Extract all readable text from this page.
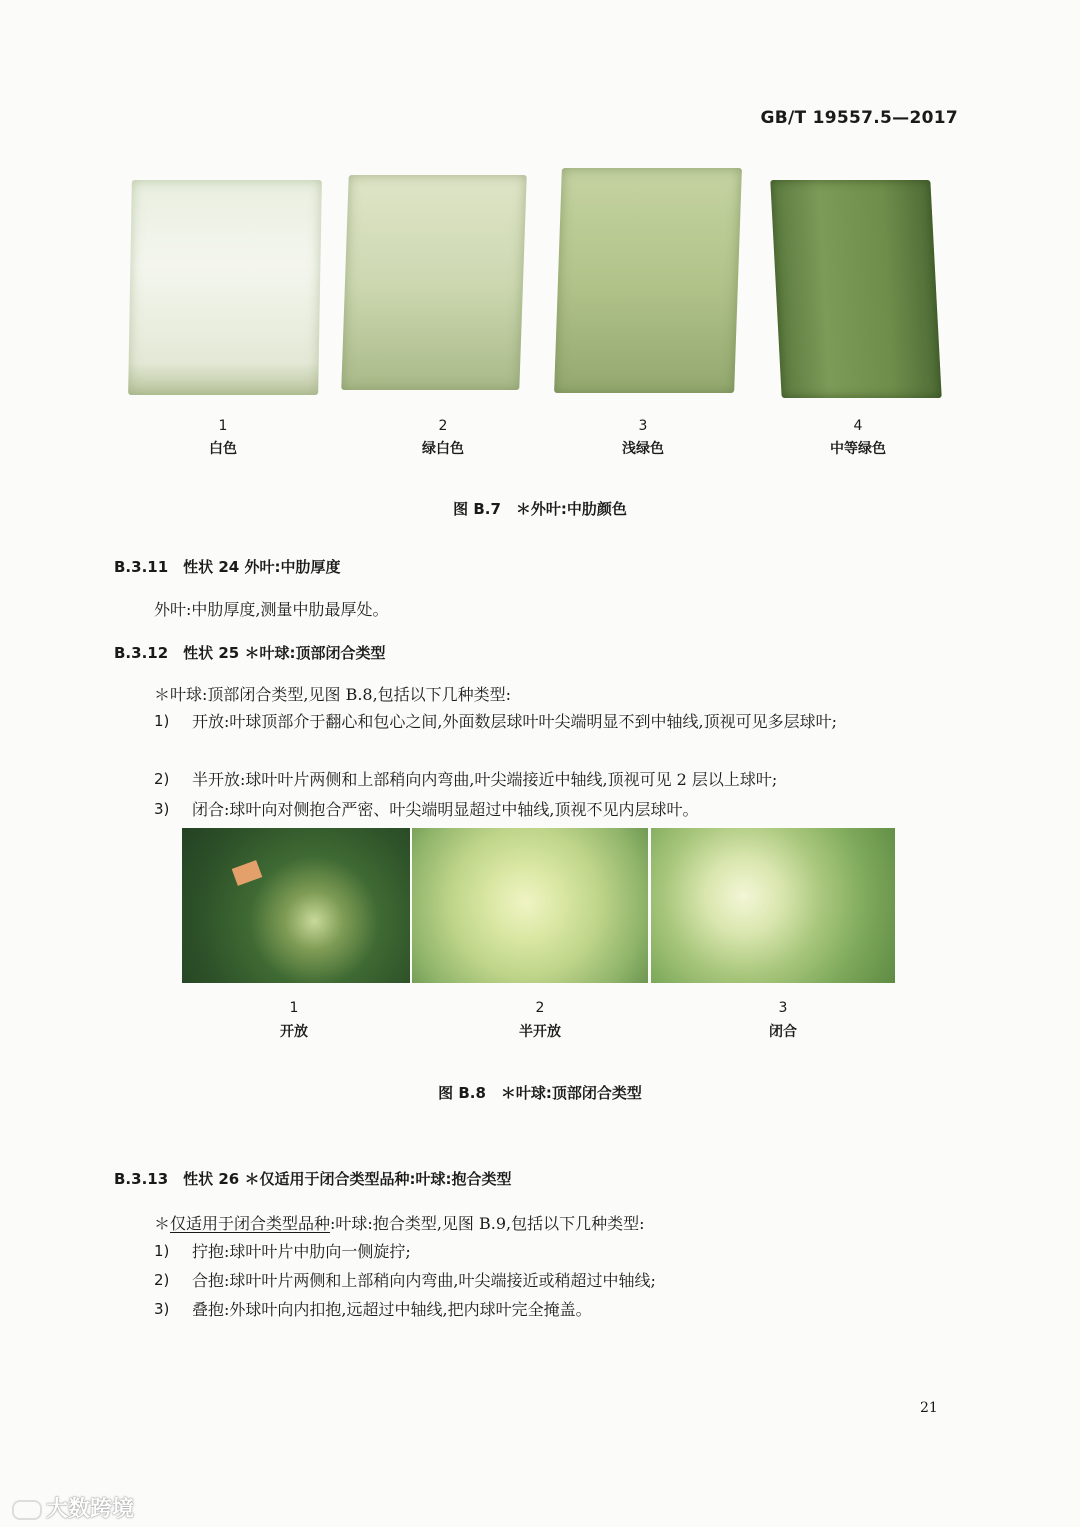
GB/T 19557.5—2017
1
白色
2
绿白色
3
浅绿色
4
中等绿色
图 B.7　＊外叶:中肋颜色
B.3.11　性状 24 外叶:中肋厚度
外叶:中肋厚度,测量中肋最厚处。
B.3.12　性状 25 ＊叶球:顶部闭合类型
＊叶球:顶部闭合类型,见图 B.8,包括以下几种类型:
1) 开放:叶球顶部介于翻心和包心之间,外面数层球叶叶尖端明显不到中轴线,顶视可见多层球叶;
2) 半开放:球叶叶片两侧和上部稍向内弯曲,叶尖端接近中轴线,顶视可见 2 层以上球叶;
3) 闭合:球叶向对侧抱合严密、叶尖端明显超过中轴线,顶视不见内层球叶。
1
开放
2
半开放
3
闭合
图 B.8　＊叶球:顶部闭合类型
B.3.13　性状 26 ＊仅适用于闭合类型品种:叶球:抱合类型
＊仅适用于闭合类型品种:叶球:抱合类型,见图 B.9,包括以下几种类型:
1) 拧抱:球叶叶片中肋向一侧旋拧;
2) 合抱:球叶叶片两侧和上部稍向内弯曲,叶尖端接近或稍超过中轴线;
3) 叠抱:外球叶向内扣抱,远超过中轴线,把内球叶完全掩盖。
21
大数跨境
